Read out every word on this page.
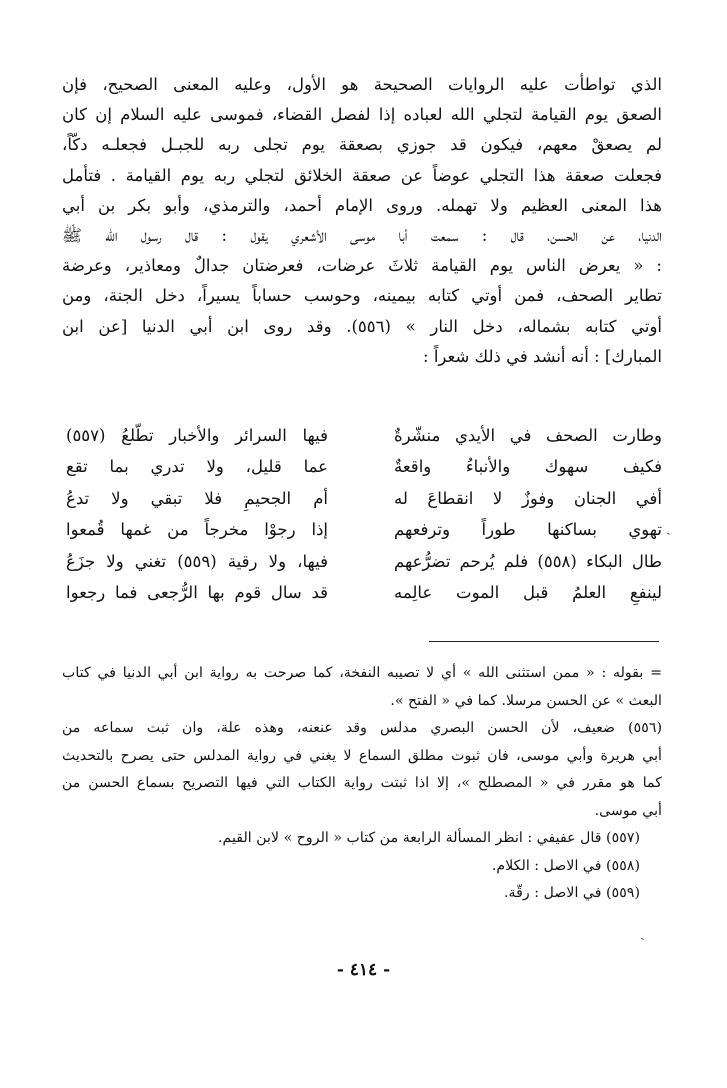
الذي تواطأت عليه الروايات الصحيحة هو الأول، وعليه المعنى الصحيح، فإن
الصعق يوم القيامة لتجلي الله لعباده إذا لفصل القضاء، فموسى عليه السلام إن كان
لم يصعقْ معهم، فيكون قد جوزي بصعقة يوم تجلى ربه للجبـل فجعلـه دكّاً،
فجعلت صعقة هذا التجلي عوضاً عن صعقة الخلائق لتجلي ربه يوم القيامة . فتأمل
هذا المعنى العظيم ولا تهمله. وروى الإمام أحمد، والترمذي، وأبو بكر بن أبي
الدنيا، عن الحسن، قال : سمعت أبا موسى الأشعري يقول : قال رسول الله ﷺ
: « يعرض الناس يوم القيامة ثلاثَ عرضات، فعرضتان جدالٌ ومعاذير، وعرضة
تطاير الصحف، فمن أوتي كتابه بيمينه، وحوسب حساباً يسيراً، دخل الجنة، ومن
أوتي كتابه بشماله، دخل النار » (٥٥٦). وقد روى ابن أبي الدنيا [عن ابن
المبارك] : أنه أنشد في ذلك شعراً :
وطارت الصحف في الأيدي منشّرةٌ
فيها السرائر والأخبار تطّلعُ (٥٥٧)
فكيف سهوك والأنباءُ واقعةٌ
عما قليل، ولا تدري بما تقع
أفي الجنان وفوزٌ لا انقطاعَ له
أم الجحيمِ فلا تبقي ولا تدعُ
تهوي بساكنها طوراً وترفعهم
إذا رجوْا مخرجاً من غمها قُمعوا
طال البكاء (٥٥٨) فلم يُرحم تضرُّعهم
فيها، ولا رقية (٥٥٩) تغني ولا جزَعُ
لينفعِ العلمُ قبل الموت عالِمه
قد سال قوم بها الرُّجعى فما رجعوا
= بقوله : « ممن استثنى الله » أي لا تصيبه النفخة، كما صرحت به رواية ابن أبي الدنيا في كتاب
البعث » عن الحسن مرسلا. كما في « الفتح ».
(٥٥٦) ضعيف، لأن الحسن البصري مدلس وقد عنعنه، وهذه علة، وان ثبت سماعه من
أبي هريرة وأبي موسى، فان ثبوت مطلق السماع لا يغني في رواية المدلس حتى يصرح بالتحديث
كما هو مقرر في « المصطلح »، إلا اذا ثبتت رواية الكتاب التي فيها التصريح بسماع الحسن من
أبي موسى.
(٥٥٧) قال عفيفي : انظر المسألة الرابعة من كتاب « الروح » لابن القيم.
(٥٥٨) في الاصل : الكلام.
(٥٥٩) في الاصل : رقّة.
- ٤١٤ -
ˏ
ˏ
